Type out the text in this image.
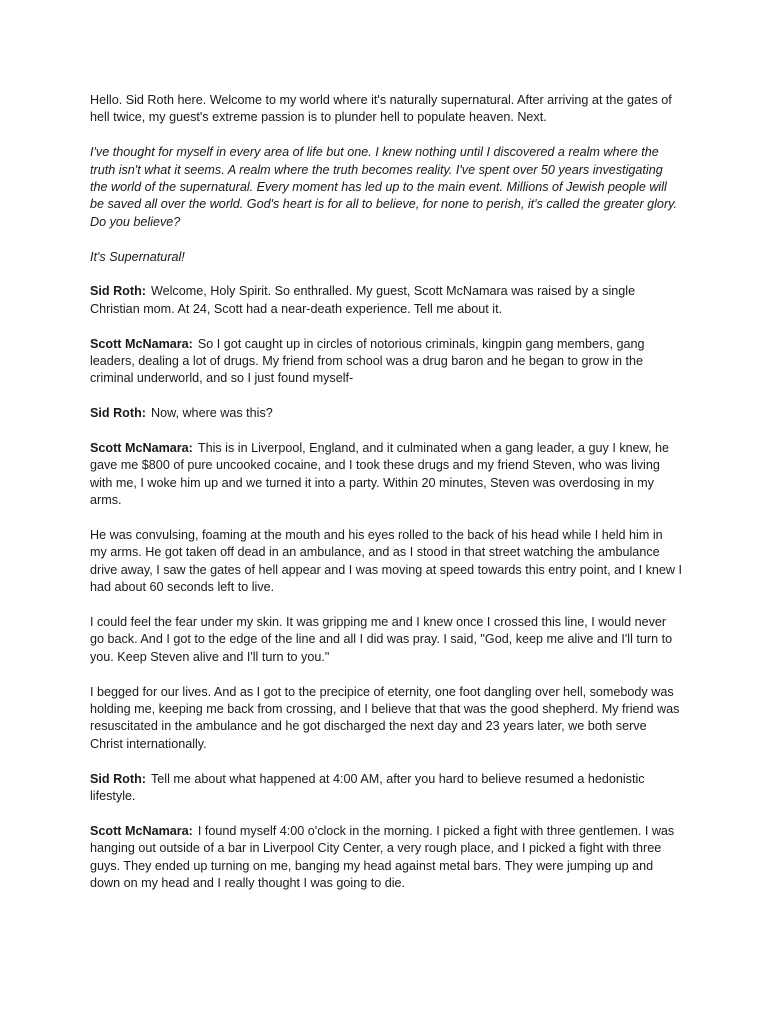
Hello. Sid Roth here. Welcome to my world where it's naturally supernatural. After arriving at the gates of hell twice, my guest's extreme passion is to plunder hell to populate heaven. Next.

I've thought for myself in every area of life but one. I knew nothing until I discovered a realm where the truth isn't what it seems. A realm where the truth becomes reality. I've spent over 50 years investigating the world of the supernatural. Every moment has led up to the main event. Millions of Jewish people will be saved all over the world. God's heart is for all to believe, for none to perish, it's called the greater glory. Do you believe?

It's Supernatural!

Sid Roth: Welcome, Holy Spirit. So enthralled. My guest, Scott McNamara was raised by a single Christian mom. At 24, Scott had a near-death experience. Tell me about it.

Scott McNamara: So I got caught up in circles of notorious criminals, kingpin gang members, gang leaders, dealing a lot of drugs. My friend from school was a drug baron and he began to grow in the criminal underworld, and so I just found myself-

Sid Roth: Now, where was this?

Scott McNamara: This is in Liverpool, England, and it culminated when a gang leader, a guy I knew, he gave me $800 of pure uncooked cocaine, and I took these drugs and my friend Steven, who was living with me, I woke him up and we turned it into a party. Within 20 minutes, Steven was overdosing in my arms.

He was convulsing, foaming at the mouth and his eyes rolled to the back of his head while I held him in my arms. He got taken off dead in an ambulance, and as I stood in that street watching the ambulance drive away, I saw the gates of hell appear and I was moving at speed towards this entry point, and I knew I had about 60 seconds left to live.

I could feel the fear under my skin. It was gripping me and I knew once I crossed this line, I would never go back. And I got to the edge of the line and all I did was pray. I said, "God, keep me alive and I'll turn to you. Keep Steven alive and I'll turn to you."

I begged for our lives. And as I got to the precipice of eternity, one foot dangling over hell, somebody was holding me, keeping me back from crossing, and I believe that that was the good shepherd. My friend was resuscitated in the ambulance and he got discharged the next day and 23 years later, we both serve Christ internationally.

Sid Roth: Tell me about what happened at 4:00 AM, after you hard to believe resumed a hedonistic lifestyle.

Scott McNamara: I found myself 4:00 o'clock in the morning. I picked a fight with three gentlemen. I was hanging out outside of a bar in Liverpool City Center, a very rough place, and I picked a fight with three guys. They ended up turning on me, banging my head against metal bars. They were jumping up and down on my head and I really thought I was going to die.
